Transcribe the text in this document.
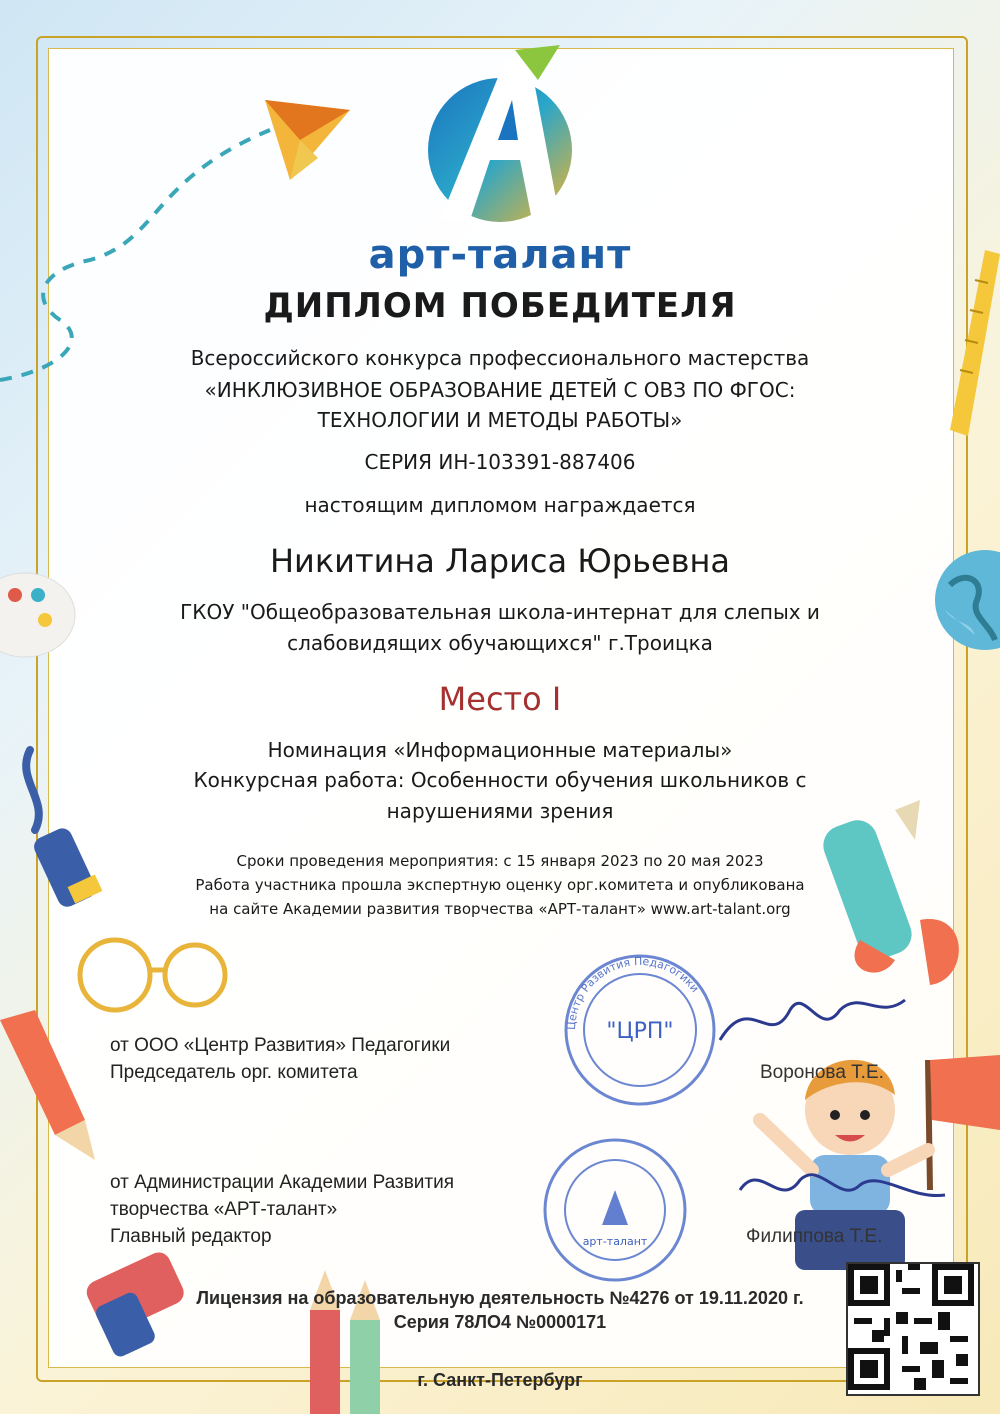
арт-талант
ДИПЛОМ ПОБЕДИТЕЛЯ
Всероссийского конкурса профессионального мастерства
«ИНКЛЮЗИВНОЕ ОБРАЗОВАНИЕ ДЕТЕЙ С ОВЗ ПО ФГОС:
ТЕХНОЛОГИИ И МЕТОДЫ РАБОТЫ»
СЕРИЯ ИН-103391-887406
настоящим дипломом награждается
Никитина Лариса Юрьевна
ГКОУ "Общеобразовательная школа-интернат для слепых и
слабовидящих обучающихся" г.Троицка
Место I
Номинация «Информационные материалы»
Конкурсная работа: Особенности обучения школьников с
нарушениями зрения
Сроки проведения мероприятия: с 15 января 2023 по 20 мая 2023
Работа участника прошла экспертную оценку орг.комитета и опубликована
на сайте Академии развития творчества «АРТ-талант» www.art-talant.org
Центр Развития Педагогики
"ЦРП"
арт-талант
от ООО «Центр Развития» Педагогики
Председатель орг. комитета	Воронова Т.Е.
от Администрации Академии Развития
творчества «АРТ-талант»
Главный редактор	Филиппова Т.Е.
Лицензия на образовательную деятельность №4276 от 19.11.2020 г.
Серия 78ЛО4 №0000171
г. Санкт-Петербург
